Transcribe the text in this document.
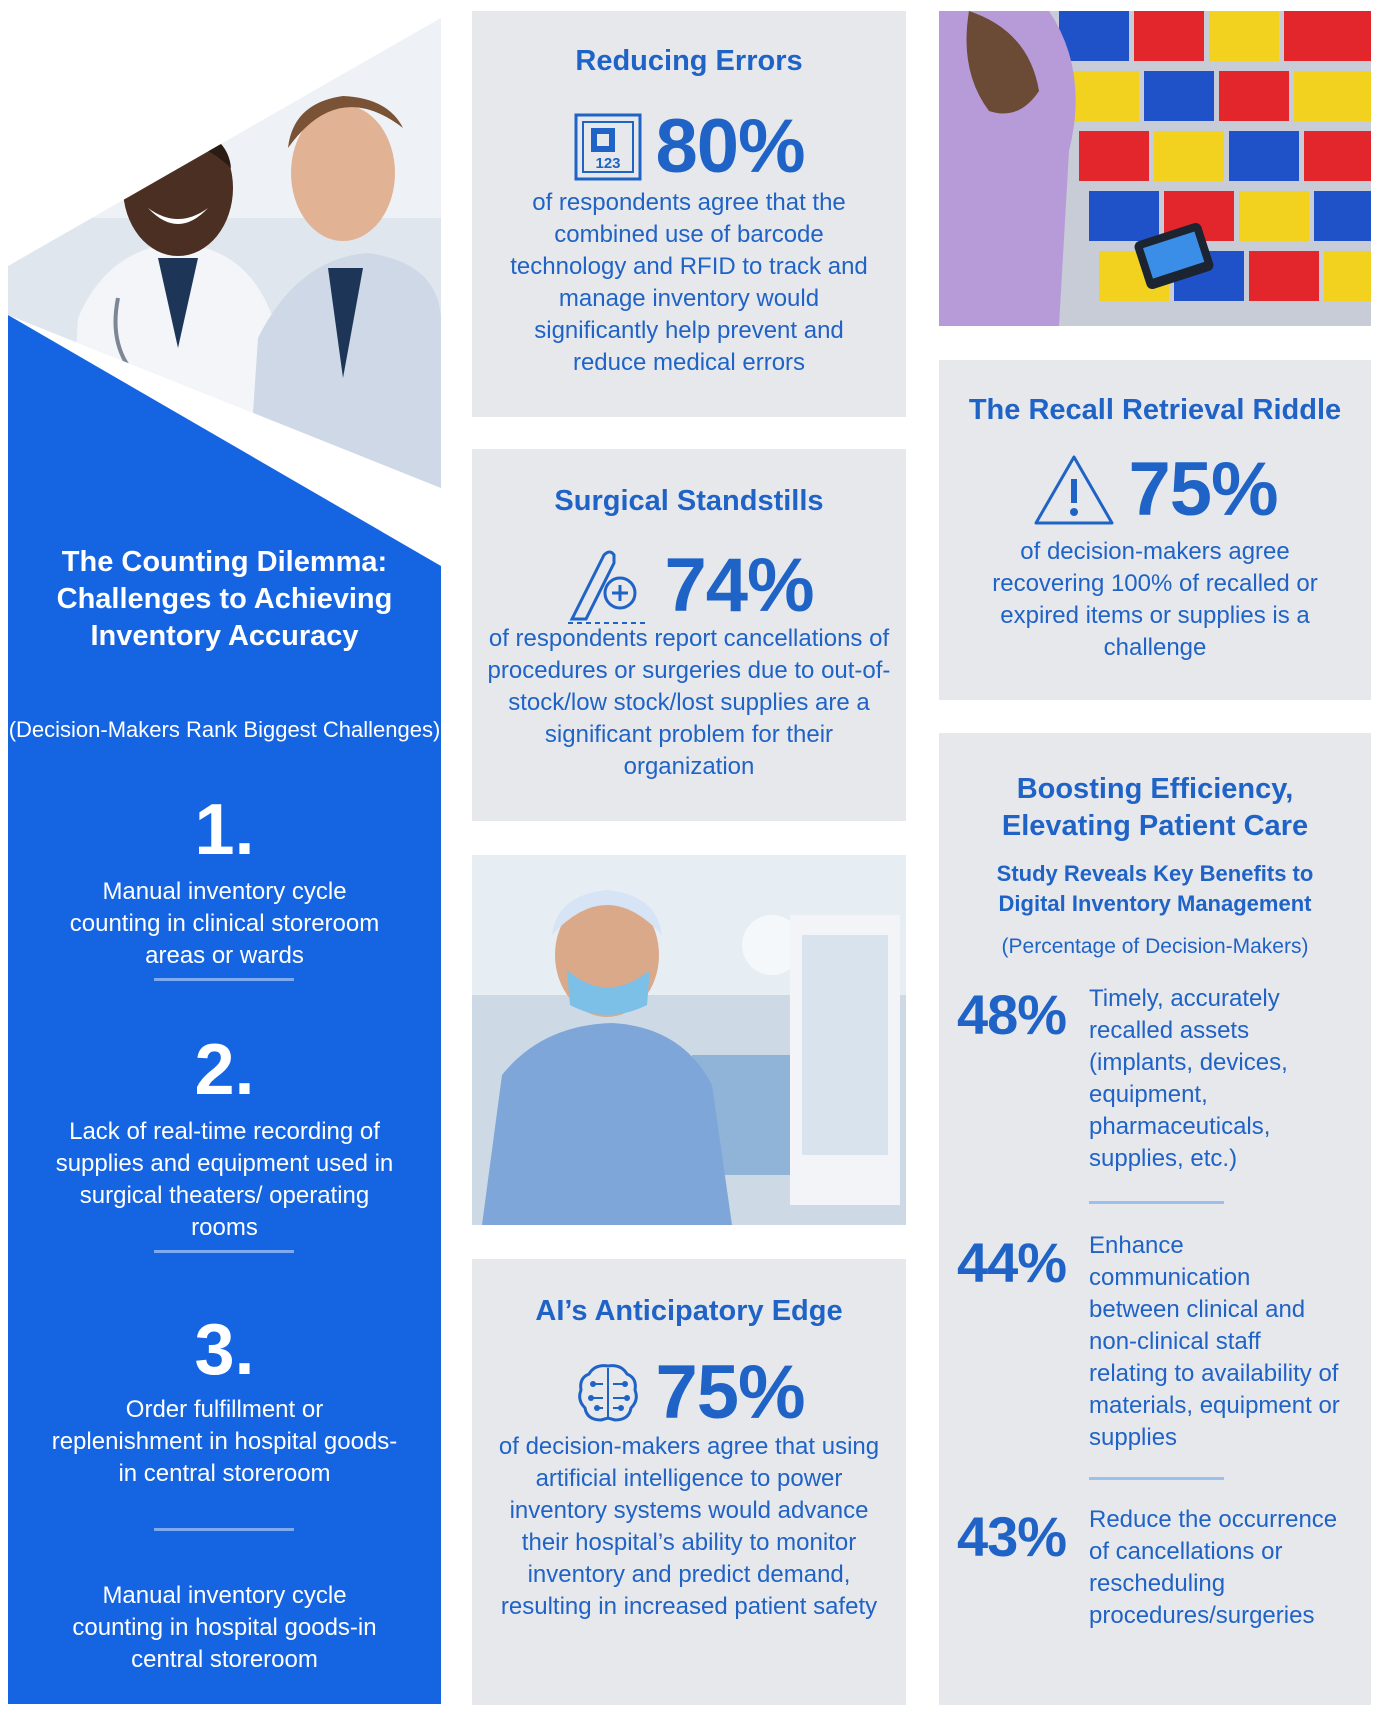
The Counting Dilemma: Challenges to Achieving Inventory Accuracy
(Decision-Makers Rank Biggest Challenges)
1.
Manual inventory cycle counting in clinical storeroom areas or wards
2.
Lack of real-time recording of supplies and equipment used in surgical theaters/ operating rooms
3.
Order fulfillment or replenishment in hospital goods-in central storeroom
Manual inventory cycle counting in hospital goods-in central storeroom
Reducing Errors
123 80%
of respondents agree that the combined use of barcode technology and RFID to track and manage inventory would significantly help prevent and reduce medical errors
Surgical Standstills
74%
of respondents report cancellations of procedures or surgeries due to out-of-stock/low stock/lost supplies are a significant problem for their organization
AI’s Anticipatory Edge
75%
of decision-makers agree that using artificial intelligence to power inventory systems would advance their hospital’s ability to monitor inventory and predict demand, resulting in increased patient safety
The Recall Retrieval Riddle
75%
of decision-makers agree recovering 100% of recalled or expired items or supplies is a challenge
Boosting Efficiency, Elevating Patient Care
Study Reveals Key Benefits to Digital Inventory Management
(Percentage of Decision-Makers)
48% Timely, accurately recalled assets (implants, devices, equipment, pharmaceuticals, supplies, etc.)
44% Enhance communication between clinical and non-clinical staff relating to availability of materials, equipment or supplies
43% Reduce the occurrence of cancellations or rescheduling procedures/surgeries
